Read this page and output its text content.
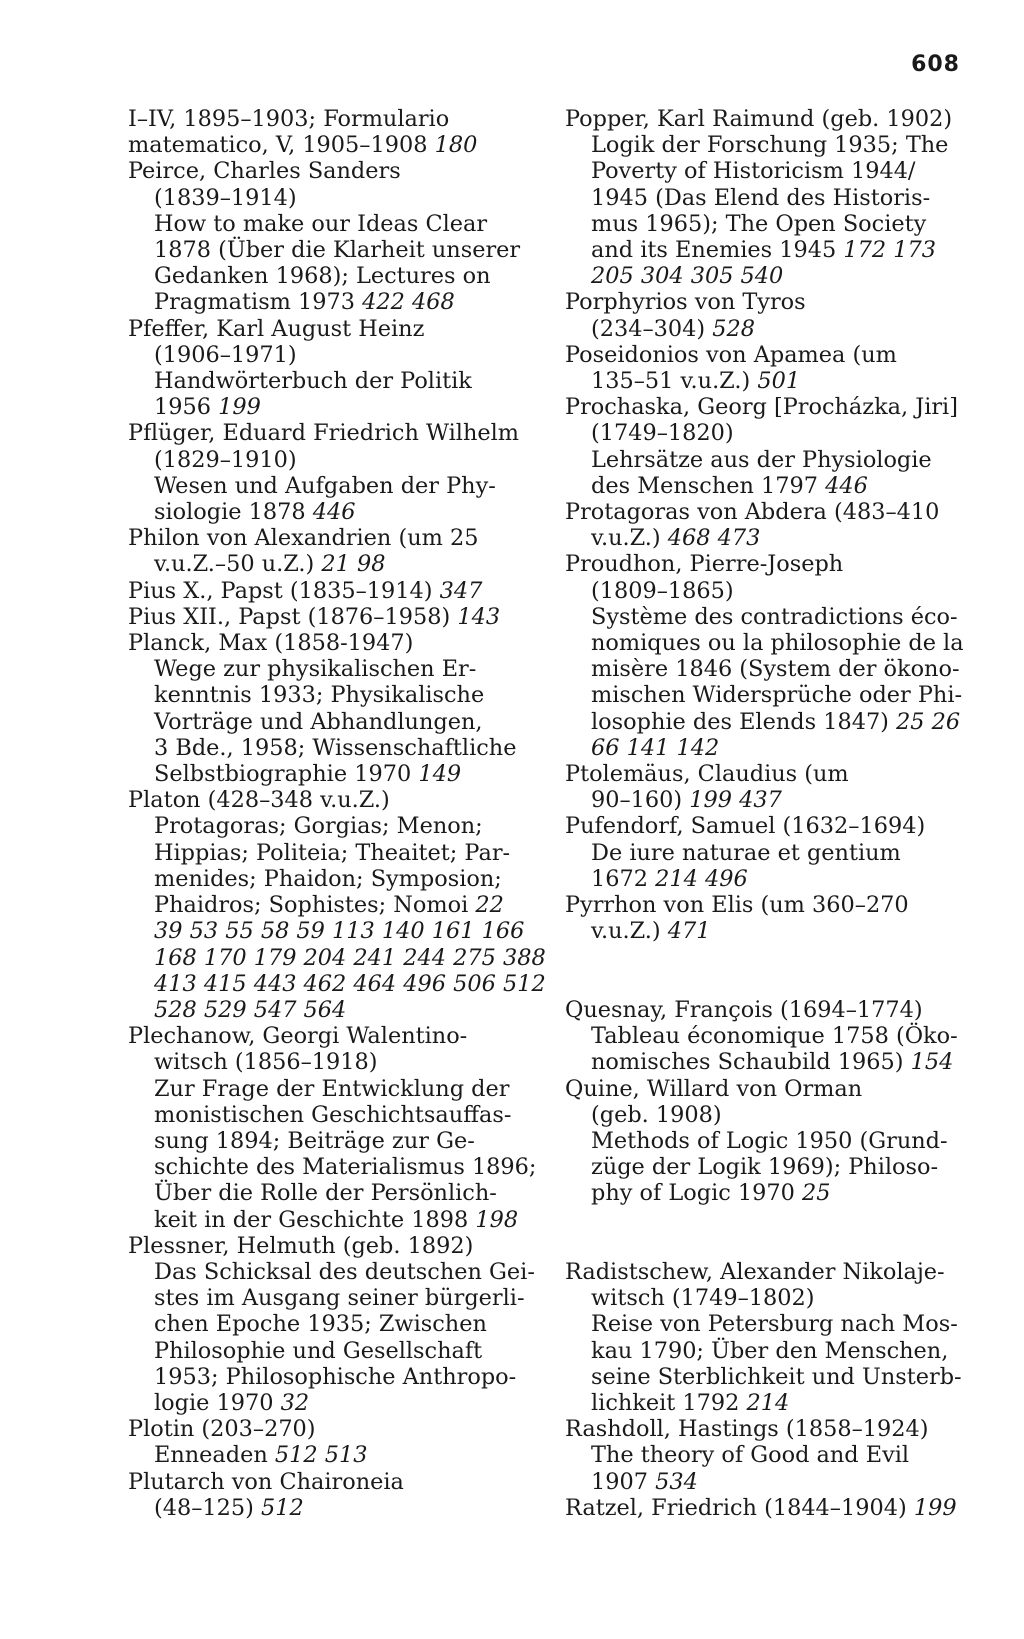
608
I–IV, 1895–1903; Formulario
matematico, V, 1905–1908 180
Peirce, Charles Sanders
(1839–1914)
How to make our Ideas Clear
1878 (Über die Klarheit unserer
Gedanken 1968); Lectures on
Pragmatism 1973 422 468
Pfeffer, Karl August Heinz
(1906–1971)
Handwörterbuch der Politik
1956 199
Pflüger, Eduard Friedrich Wilhelm
(1829–1910)
Wesen und Aufgaben der Phy-
siologie 1878 446
Philon von Alexandrien (um 25
v.u.Z.–50 u.Z.) 21 98
Pius X., Papst (1835–1914) 347
Pius XII., Papst (1876–1958) 143
Planck, Max (1858-1947)
Wege zur physikalischen Er-
kenntnis 1933; Physikalische
Vorträge und Abhandlungen,
3 Bde., 1958; Wissenschaftliche
Selbstbiographie 1970 149
Platon (428–348 v.u.Z.)
Protagoras; Gorgias; Menon;
Hippias; Politeia; Theaitet; Par-
menides; Phaidon; Symposion;
Phaidros; Sophistes; Nomoi 22
39 53 55 58 59 113 140 161 166
168 170 179 204 241 244 275 388
413 415 443 462 464 496 506 512
528 529 547 564
Plechanow, Georgi Walentino-
witsch (1856–1918)
Zur Frage der Entwicklung der
monistischen Geschichtsauffas-
sung 1894; Beiträge zur Ge-
schichte des Materialismus 1896;
Über die Rolle der Persönlich-
keit in der Geschichte 1898 198
Plessner, Helmuth (geb. 1892)
Das Schicksal des deutschen Gei-
stes im Ausgang seiner bürgerli-
chen Epoche 1935; Zwischen
Philosophie und Gesellschaft
1953; Philosophische Anthropo-
logie 1970 32
Plotin (203–270)
Enneaden 512 513
Plutarch von Chaironeia
(48–125) 512
Popper, Karl Raimund (geb. 1902)
Logik der Forschung 1935; The
Poverty of Historicism 1944/
1945 (Das Elend des Historis-
mus 1965); The Open Society
and its Enemies 1945 172 173
205 304 305 540
Porphyrios von Tyros
(234–304) 528
Poseidonios von Apamea (um
135–51 v.u.Z.) 501
Prochaska, Georg [Procházka, Jiri]
(1749–1820)
Lehrsätze aus der Physiologie
des Menschen 1797 446
Protagoras von Abdera (483–410
v.u.Z.) 468 473
Proudhon, Pierre-Joseph
(1809–1865)
Système des contradictions éco-
nomiques ou la philosophie de la
misère 1846 (System der ökono-
mischen Widersprüche oder Phi-
losophie des Elends 1847) 25 26
66 141 142
Ptolemäus, Claudius (um
90–160) 199 437
Pufendorf, Samuel (1632–1694)
De iure naturae et gentium
1672 214 496
Pyrrhon von Elis (um 360–270
v.u.Z.) 471
Quesnay, François (1694–1774)
Tableau économique 1758 (Öko-
nomisches Schaubild 1965) 154
Quine, Willard von Orman
(geb. 1908)
Methods of Logic 1950 (Grund-
züge der Logik 1969); Philoso-
phy of Logic 1970 25
Radistschew, Alexander Nikolaje-
witsch (1749–1802)
Reise von Petersburg nach Mos-
kau 1790; Über den Menschen,
seine Sterblichkeit und Unsterb-
lichkeit 1792 214
Rashdoll, Hastings (1858–1924)
The theory of Good and Evil
1907 534
Ratzel, Friedrich (1844–1904) 199
